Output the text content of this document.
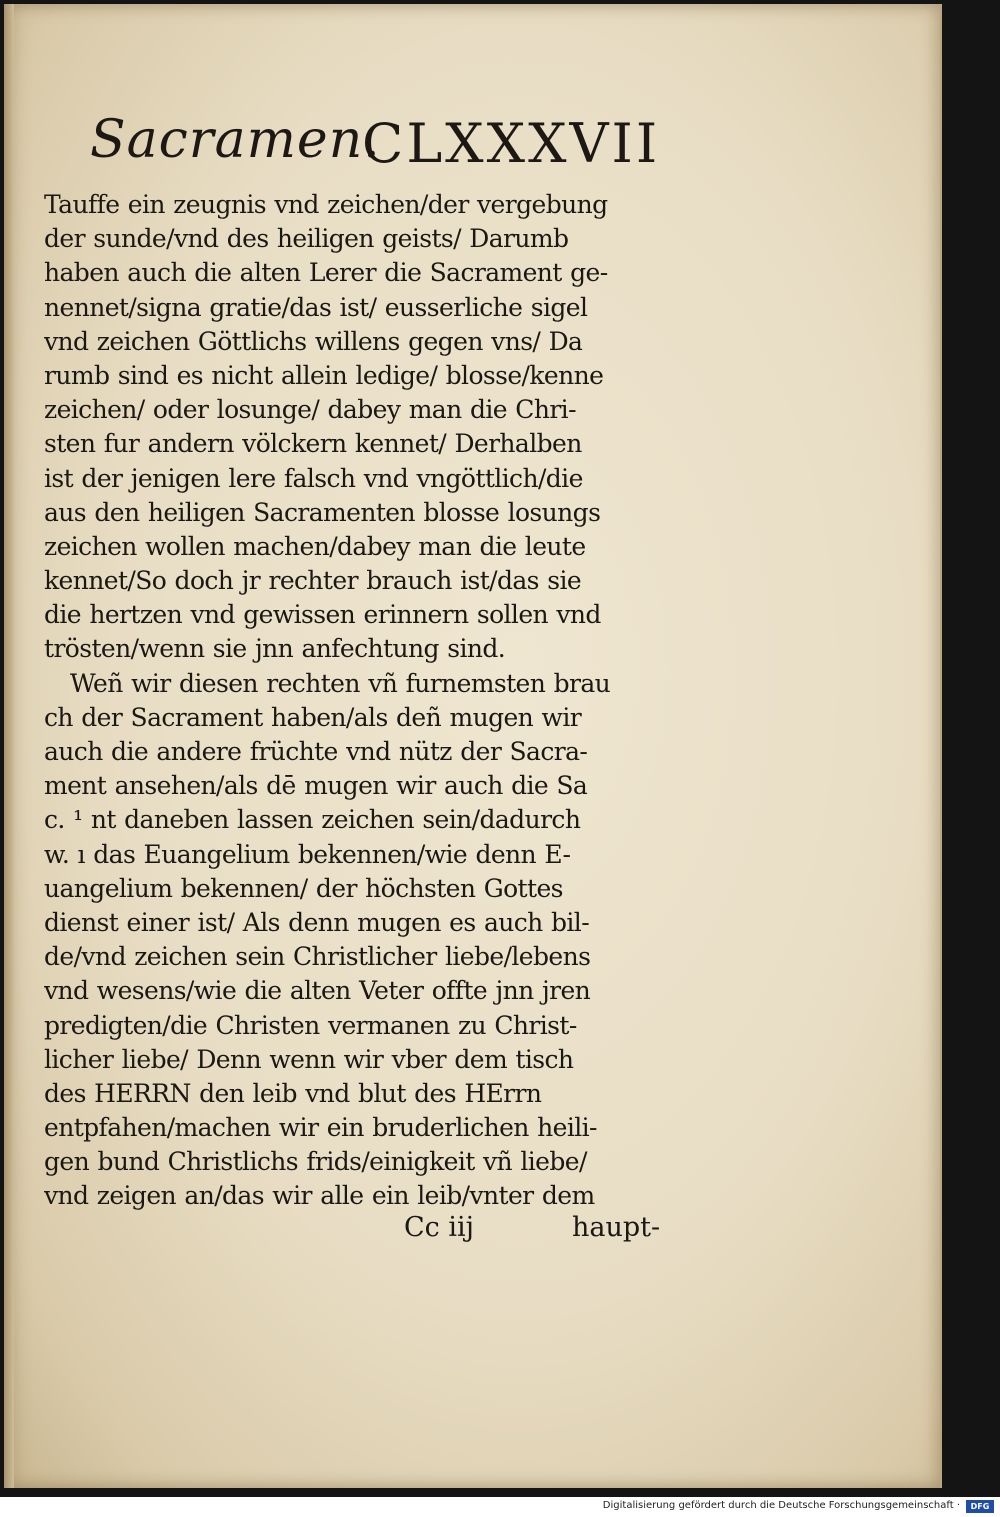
Sacramen.
CLXXXVII
Tauffe ein zeugnis vnd zeichen/der vergebung
der sunde/vnd des heiligen geists/ Darumb
haben auch die alten Lerer die Sacrament ge-
nennet/signa gratie/das ist/ eusserliche sigel
vnd zeichen Göttlichs willens gegen vns/ Da
rumb sind es nicht allein ledige/ blosse/kenne
zeichen/ oder losunge/ dabey man die Chri-
sten fur andern völckern kennet/ Derhalben
ist der jenigen lere falsch vnd vngöttlich/die
aus den heiligen Sacramenten blosse losungs
zeichen wollen machen/dabey man die leute
kennet/So doch jr rechter brauch ist/das sie
die hertzen vnd gewissen erinnern sollen vnd
trösten/wenn sie jnn anfechtung sind.
Weñ wir diesen rechten vñ furnemsten brau
ch der Sacrament haben/als deñ mugen wir
auch die andere früchte vnd nütz der Sacra-
ment ansehen/als dē mugen wir auch die Sa
c. ¹ nt daneben lassen zeichen sein/dadurch
w. ı das Euangelium bekennen/wie denn E-
uangelium bekennen/ der höchsten Gottes
dienst einer ist/ Als denn mugen es auch bil-
de/vnd zeichen sein Christlicher liebe/lebens
vnd wesens/wie die alten Veter offte jnn jren
predigten/die Christen vermanen zu Christ-
licher liebe/ Denn wenn wir vber dem tisch
des HERRN den leib vnd blut des HErrn
entpfahen/machen wir ein bruderlichen heili-
gen bund Christlichs frids/einigkeit vñ liebe/
vnd zeigen an/das wir alle ein leib/vnter dem
Cc iij	haupt-
Digitalisierung gefördert durch die Deutsche Forschungsgemeinschaft ·	DFG
